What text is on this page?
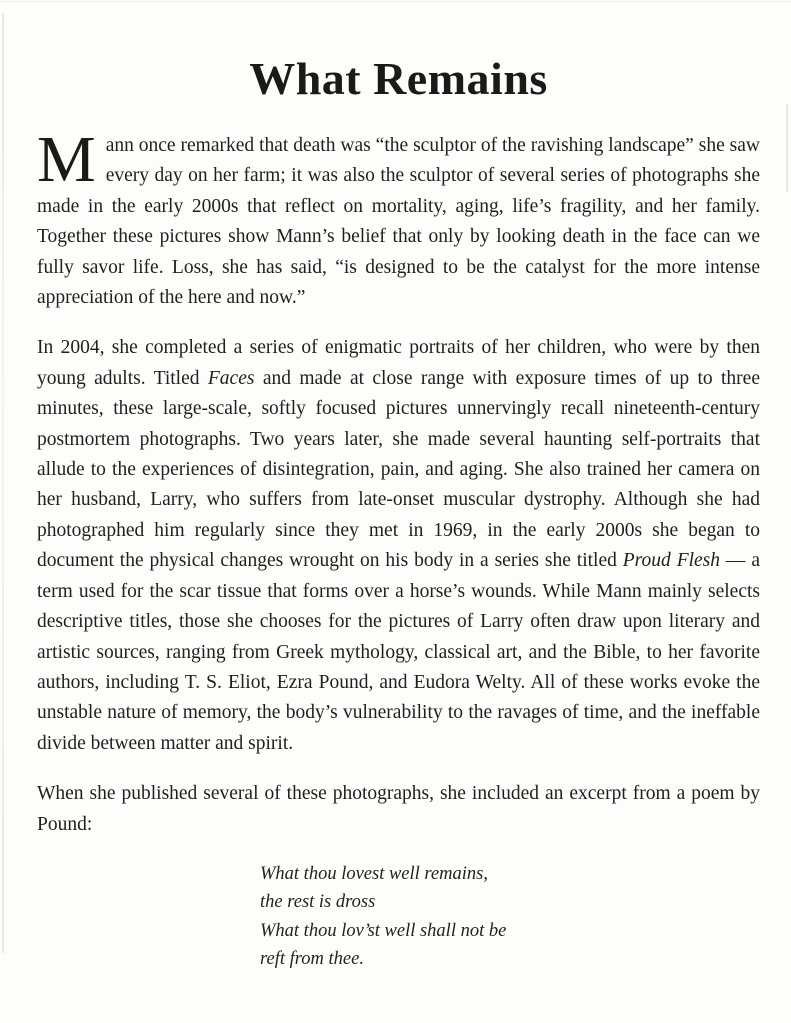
What Remains

Mann once remarked that death was “the sculptor of the ravishing landscape” she saw every day on her farm; it was also the sculptor of several series of photographs she made in the early 2000s that reflect on mortality, aging, life’s fragility, and her family. Together these pictures show Mann’s belief that only by looking death in the face can we fully savor life. Loss, she has said, “is designed to be the catalyst for the more intense appreciation of the here and now.”

In 2004, she completed a series of enigmatic portraits of her children, who were by then young adults. Titled Faces and made at close range with exposure times of up to three minutes, these large-scale, softly focused pictures unnervingly recall nineteenth-century postmortem photographs. Two years later, she made several haunting self-portraits that allude to the experiences of disintegration, pain, and aging. She also trained her camera on her husband, Larry, who suffers from late-onset muscular dystrophy. Although she had photographed him regularly since they met in 1969, in the early 2000s she began to document the physical changes wrought on his body in a series she titled Proud Flesh — a term used for the scar tissue that forms over a horse’s wounds. While Mann mainly selects descriptive titles, those she chooses for the pictures of Larry often draw upon literary and artistic sources, ranging from Greek mythology, classical art, and the Bible, to her favorite authors, including T. S. Eliot, Ezra Pound, and Eudora Welty. All of these works evoke the unstable nature of memory, the body’s vulnerability to the ravages of time, and the ineffable divide between matter and spirit.

When she published several of these photographs, she included an excerpt from a poem by Pound:

What thou lovest well remains,
the rest is dross
What thou lov’st well shall not be
reft from thee.
